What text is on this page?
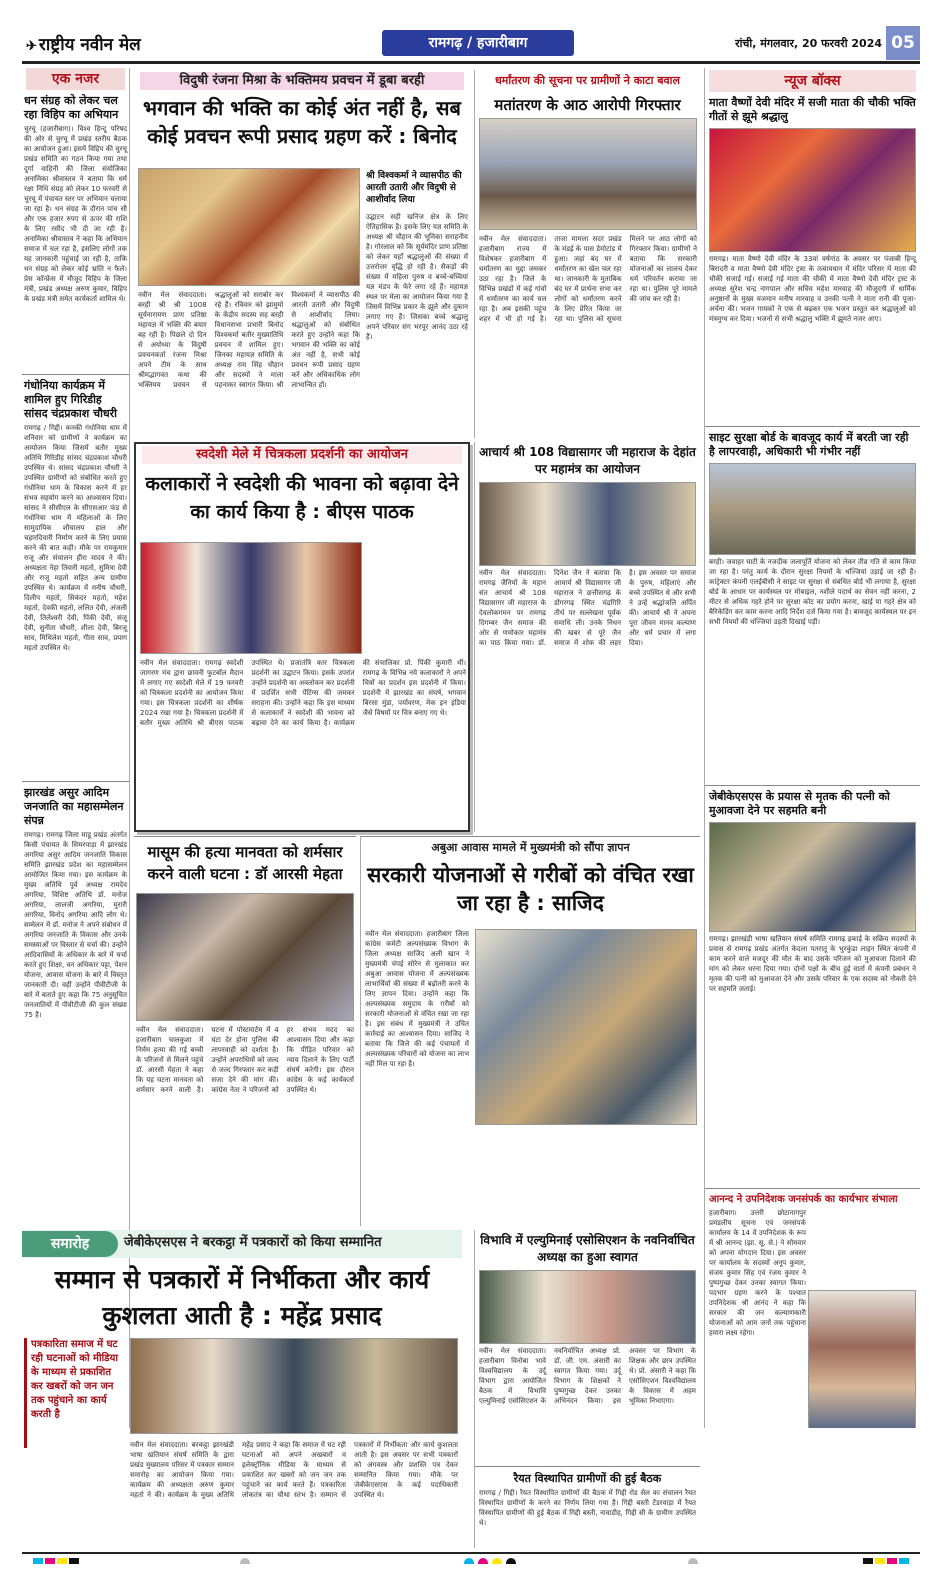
✈ राष्ट्रीय नवीन मेल	रामगढ़ / हजारीबाग	रांची, मंगलवार, 20 फरवरी 2024 05
एक नजर
धन संग्रह को लेकर चल रहा विहिप का अभियान
चुरचू (हजारीबाग)। विश्व हिन्दू परिषद की ओर से चुरचू में प्रखंड स्तरीय बैठक का आयोजन हुआ। इसमें विहिप की चुरचू प्रखंड समिति का गठन किया गया तथा दुर्गा वाहिनी की जिला संयोजिका अनामिका श्रीवास्तव ने बताया कि धर्म रक्षा निधि संग्रह को लेकर 10 फरवरी से चुरचू में पंचायत स्तर पर अभियान चलाया जा रहा है। धन संग्रह के दौरान पांच सौ और एक हजार रुपए से ऊपर की राशि के लिए रसीद भी दी जा रही है। अनामिका श्रीवास्तव ने कहा कि अभियान समाज में चल रहा है, इसलिए लोगों तक यह जानकारी पहुंचाई जा रही है, ताकि धन संग्रह को लेकर कोई भ्रांति न फैले। प्रेस कॉन्फ्रेंस में मौजूद विहिप के जिला मंत्री, प्रखंड अध्यक्ष अरुण कुमार, विहिप के प्रखंड मंत्री समेत कार्यकर्ता शामिल थे।
गंधोनिया कार्यक्रम में शामिल हुए गिरिडीह सांसद चंद्रप्रकाश चौधरी
रामगढ़ / गिद्दी। कनकी गंधोनिया धाम में शनिवार को ग्रामीणों ने कार्यक्रम का आयोजन किया जिसमें बतौर मुख्य अतिथि गिरिडीह सांसद चंद्रप्रकाश चौधरी उपस्थित थे। सांसद चंद्रप्रकाश चौधरी ने उपस्थित ग्रामीणों को संबोधित करते हुए गंधोनिया धाम के विकास करने में हर संभव सहयोग करने का आश्वासन दिया। सांसद ने सीसीएल के सीएसआर फंड से गंधोनिया धाम में महिलाओं के लिए सामुदायिक शौचालय हाल और चहारदिवारी निर्माण करने के लिए प्रयास करने की बात कही। मौके पर रामकुमार राजू और संचालन हीरा यादव ने की। अध्यक्षता नेहा तिवारी महतो, सुमित्रा देवी और राजू महतो सहित अन्य ग्रामीण उपस्थित थे। कार्यक्रम में मनीष चौधरी, दिलीप महतो, सिकंदर महतो, महेश महतो, देवकी महतो, ललित देवी, अंजली देवी, तिलेश्वरी देवी, पिंकी देवी, संजू देवी, सुनीता चौधरी, शीला देवी, बिरजू साव, मिथिलेश महतो, गीता साव, प्रयाग महतो उपस्थित थे।
झारखंड असुर आदिम जनजाति का महासम्मेलन संपन्न
रामगढ़। रामगढ़ जिला माडू प्रखंड अंतर्गत किसी पंचायत के सिमरपाड़ा में झारखंड अगरिया असुर आदिम जनजाति विकास समिति झारखंड प्रदेश का महासम्मेलन आयोजित किया गया। इस कार्यक्रम के मुख्य अतिथि पूर्व अध्यक्ष रामदेव अगरिया, विशिष्ट अतिथि डॉ. मनोज अगरिया, लालजी अगरिया, मुरारी अगरिया, विनोद अगरिया आदि लोग थे। सम्मेलन में डॉ. मनोज ने अपने संबोधन में अगरिया जनजाति के विकास और उनके समस्याओं पर विस्तार से चर्चा की। उन्होंने आदिवासियों के अधिकार के बारे में चर्चा करते हुए शिक्षा, वन अधिकार पट्टा, पेंशन योजना, आवास योजना के बारे में विस्तृत जानकारी दी। वहीं उन्होंने पीवीटीजी के बारे में बताते हुए कहा कि 75 अनुसूचित जनजातियों में पीवीटीजी की कुल संख्या 75 है।
विदुषी रंजना मिश्रा के भक्तिमय प्रवचन में डूबा बरही
भगवान की भक्ति का कोई अंत नहीं है, सब कोई प्रवचन रूपी प्रसाद ग्रहण करें : बिनोद
श्री विश्वकर्मा ने व्यासपीठ की आरती उतारी और विदुषी से आशीर्वाद लिया
नवीन मेल संवाददाता। बरही श्री श्री 1008 सूर्यनारायण प्राण प्रतिष्ठा महायज्ञ में भक्ति की बयार बह रही है। पिछले दो दिन से अयोध्या के विदुषी प्रवचनकर्ता रंजना मिश्रा अपने टीम के साथ श्रीमद्भागवत कथा की भक्तिमय प्रवचन से श्रद्धालुओं को सराबोर कर रहे हैं। रविवार को झामुमो के केंद्रीय सदस्य सह बरही विधानसभा प्रभारी बिनोद विश्वकर्मा बतौर मुख्यातिथि प्रवचन में शामिल हुए। जिनका महायज्ञ समिति के अध्यक्ष राम सिंह चौहान और सदस्यों ने माला पहनाकर स्वागत किया। श्री विश्वकर्मा ने व्यासपीठ की आरती उतारी और विदुषी से आशीर्वाद लिया। श्रद्धालुओं को संबोधित करते हुए उन्होंने कहा कि भगवान की भक्ति का कोई अंत नहीं है, सभी कोई प्रवचन रूपी प्रसाद ग्रहण करें और अधिकाधिक लोग लाभान्वित हों।
उद्घाटन सही खनिज क्षेत्र के लिए ऐतिहासिक है। इसके लिए यज्ञ समिति के अध्यक्ष श्री चौहान की भूमिका सराहनीय है। गोरलाल को कि सूर्यमंदिर प्राण प्रतिष्ठा को लेकर यहाँ श्रद्धालुओं की संख्या में उत्तरोत्तर वृद्धि हो रही है। सैकड़ों की संख्या में महिला पुरुष व बच्चे-बच्चियां यज्ञ मंडप के फेरे लगा रहे हैं। महायज्ञ स्थल पर मेला का आयोजन किया गया है जिसमें विभिन्न प्रकार के झूले और दुकान लगाए गए हैं। जिसका बच्चे श्रद्धालु अपने परिवार संग भरपूर आनंद उठा रहे हैं।
धर्मांतरण की सूचना पर ग्रामीणों ने काटा बवाल
मतांतरण के आठ आरोपी गिरफ्तार
नवीन मेल संवाददाता। हजारीबाग राज्य में विशेषकर हजारीबाग में धर्मांतरण का मुद्दा जमकर उठा रहा है। जिले के विभिन्न प्रखंडों में कई गांवों में धर्मांतरण का कार्य चल रहा है। अब इसकी पहुंच शहर में भी हो गई है। ताजा मामला सदर प्रखंड के मंडई के पास डेमोटांड में हुआ। जहां बंद घर में धर्मांतरण का खेल चल रहा था। जानकारी के मुताबिक बंद घर में प्रार्थना सभा कर लोगों को धर्मांतरण करने के लिए प्रेरित किया जा रहा था। पुलिस को सूचना मिलने पर आठ लोगों को गिरफ्तार किया। ग्रामीणों ने बताया कि सरकारी योजनाओं का लालच देकर धर्म परिवर्तन कराया जा रहा था। पुलिस पूरे मामले की जांच कर रही है।
न्यूज बॉक्स
माता वैष्णों देवी मंदिर में सजी माता की चौकी भक्ति गीतों से झूमे श्रद्धालु
रामगढ़। माता वैष्णो देवी मंदिर के 33वां वर्षगांठ के अवसर पर पंजाबी हिन्दू बिरादरी व माता वैष्णो देवी मंदिर ट्रस्ट के तत्वावधान में मंदिर परिसर में माता की चौकी सजाई गई। सजाई गई माता की चौकी में माता वैष्णो देवी मंदिर ट्रस्ट के अध्यक्ष सुरेश चन्द्र नागपाल और सचिव महेश मारवाह की मौजूदगी में धार्मिक अनुष्ठानों के मुख्य यजमान मनीष मारवाह व उनकी पत्नी ने माता रानी की पूजा-अर्चना की। भजन गायकों ने एक से बढ़कर एक भजन प्रस्तुत कर श्रद्धालुओं को मंत्रमुग्ध कर दिया। भजनों से सभी श्रद्धालु भक्ति में झूमते नजर आए।
साइट सुरक्षा बोर्ड के बावजूद कार्य में बरती जा रही है लापरवाही, अधिकारी भी गंभीर नहीं
बरही। जवाहर घाटी के नजदीक जलापूर्ति योजना को लेकर तीव्र गति से काम किया जा रहा है। परंतु कार्य के दौरान सुरक्षा नियमों के धज्जियां उड़ाई जा रही हैं। कांट्रेक्टर कंपनी एलईबीसी ने साइट पर सुरक्षा से संबंधित बोर्ड भी लगाया है, सुरक्षा बोर्ड के आधार पर कार्यस्थल पर मोबाइल, नशीले पदार्थ का सेवन नहीं करना, 2 मीटर से अधिक गहरे होने पर सुरक्षा कोट का प्रयोग करना, खाई या गहरे क्षेत्र को बैरिकेडिंग कर काम करना आदि निर्देश दर्ज किया गया है। बावजूद कार्यस्थल पर इन सभी नियमों की धज्जियां उड़ती दिखाई पड़ीं।
जेबीकेएसएस के प्रयास से मृतक की पत्नी को मुआवजा देने पर सहमति बनी
रामगढ़। झारखंडी भाषा खतियान संघर्ष समिति रामगढ़ इकाई के सक्रिय सदस्यों के प्रयास से रामगढ़ प्रखंड अंतर्गत केदला पतरातू के भुरकुंडा लाइन स्थित कंपनी में काम करने वाले मजदूर की मौत के बाद उसके परिजन को मुआवजा दिलाने की मांग को लेकर धरना दिया गया। दोनों पक्षों के बीच हुई वार्ता में कंपनी प्रबंधन ने मृतक की पत्नी को मुआवजा देने और उसके परिवार के एक सदस्य को नौकरी देने पर सहमति जताई।
आनन्द ने उपनिदेशक जनसंपर्क का कार्यभार संभाला
हजारीबाग। उत्तरी छोटानागपुर प्रमंडलीय सूचना एवं जनसंपर्क कार्यालय के 14 वें उपनिदेशक के रूप में श्री आनन्द (झा. सू. से.) ने सोमवार को अपना योगदान दिया। इस अवसर पर कार्यालय के सदस्यों अनूप कुमार, संजय कुमार सिंह एवं रंजय कुमार ने पुष्पगुच्छ देकर उनका स्वागत किया। पदभार ग्रहण करने के पश्चात उपनिदेशक श्री आनंद ने कहा कि सरकार की जन कल्याणकारी योजनाओं को आम जनों तक पहुंचाना हमारा लक्ष्य रहेगा।
स्वदेशी मेले में चित्रकला प्रदर्शनी का आयोजन
कलाकारों ने स्वदेशी की भावना को बढ़ावा देने का कार्य किया है : बीएस पाठक
नवीन मेल संवाददाता। रामगढ़ स्वदेशी जागरण मंच द्वारा छावनी फुटबॉल मैदान में लगाए गए स्वदेशी मेले में 19 फरवरी को चित्रकला प्रदर्शनी का आयोजन किया गया। इस चित्रकला प्रदर्शनी का शीर्षक 2024 रखा गया है। चित्रकला प्रदर्शनी में बतौर मुख्य अतिथि श्री बीएस पाठक उपस्थित थे। प्रजातंत्रि कार चित्रकला प्रदर्शनी का उद्घाटन किया। इसके उपरांत उन्होंने प्रदर्शनी का अवलोकन कर प्रदर्शनी में प्रदर्शित सभी पेंटिंग्स की जमकर सराहना की। उन्होंने कहा कि इस माध्यम से कलाकारों ने स्वदेशी की भावना को बढ़ावा देने का कार्य किया है। कार्यक्रम की संचालिका प्रो. पिंकी कुमारी थीं। रामगढ़ के विभिन्न नये कलाकारों ने अपने चित्रों का प्रदर्शन इस प्रदर्शनी में किया। प्रदर्शनी में झारखंड का संघर्ष, भगवान बिरसा मुंडा, पर्यावरण, मेक इन इंडिया जैसे विषयों पर चित्र बनाए गए थे।
आचार्य श्री 108 विद्यासागर जी महाराज के देहांत पर महामंत्र का आयोजन
नवीन मेल संवाददाता। रामगढ़ जैनियों के महान संत आचार्य श्री 108 विद्यासागर जी महाराज के देवलोकगमन पर रामगढ़ दिगम्बर जैन समाज की ओर से णमोकार महामंत्र का पाठ किया गया। डॉ. दिनेश जैन ने बताया कि आचार्य श्री विद्यासागर जी महाराज ने छत्तीसगढ़ के डोंगरगढ़ स्थित चंद्रगिरि तीर्थ पर सल्लेखना पूर्वक समाधि ली। उनके निधन की खबर से पूरे जैन समाज में शोक की लहर है। इस अवसर पर समाज के पुरुष, महिलाएं और बच्चे उपस्थित थे और सभी ने उन्हें श्रद्धांजलि अर्पित की। आचार्य श्री ने अपना पूरा जीवन मानव कल्याण और धर्म प्रचार में लगा दिया।
मासूम की हत्या मानवता को शर्मसार करने वाली घटना : डॉ आरसी मेहता
नवीन मेल संवाददाता। हजारीबाग चालकुशा में निर्मम हत्या की गई बच्ची के परिजनों से मिलने पहुंचे डॉ. आरसी मेहता ने कहा कि यह घटना मानवता को शर्मसार करने वाली है। घटना में पोस्टमार्टम में 4 घंटा देर होना पुलिस की लापरवाही को दर्शाता है। उन्होंने अपराधियों को जल्द से जल्द गिरफ्तार कर कड़ी सजा देने की मांग की। कांग्रेस नेता ने परिजनों को हर संभव मदद का आश्वासन दिया और कहा कि पीड़ित परिवार को न्याय दिलाने के लिए पार्टी संघर्ष करेगी। इस दौरान कांग्रेस के कई कार्यकर्ता उपस्थित थे।
अबुआ आवास मामले में मुख्यमंत्री को सौंपा ज्ञापन
सरकारी योजनाओं से गरीबों को वंचित रखा जा रहा है : साजिद
नवीन मेल संवाददाता। हजारीबाग जिला कांग्रेस कमेटी अल्पसंख्यक विभाग के जिला अध्यक्ष साजिद अली खान ने मुख्यमंत्री चंपई सोरेन से मुलाकात कर अबुआ आवास योजना में अल्पसंख्यक लाभार्थियों की संख्या में बढ़ोतरी करने के लिए ज्ञापन दिया। उन्होंने कहा कि अल्पसंख्यक समुदाय के गरीबों को सरकारी योजनाओं से वंचित रखा जा रहा है। इस संबंध में मुख्यमंत्री ने उचित कार्रवाई का आश्वासन दिया। साजिद ने बताया कि जिले की कई पंचायतों में अल्पसंख्यक परिवारों को योजना का लाभ नहीं मिल पा रहा है।
समारोह	जेबीकेएसएस ने बरकट्ठा में पत्रकारों को किया सम्मानित
सम्मान से पत्रकारों में निर्भीकता और कार्य कुशलता आती है : महेंद्र प्रसाद
पत्रकारिता समाज में घट रही घटनाओं को मीडिया के माध्यम से प्रकाशित कर खबरों को जन जन तक पहुंचाने का कार्य करती है
नवीन मेल संवाददाता। बरकट्ठा झारखंडी भाषा खतियान संघर्ष समिति के द्वारा प्रखंड मुख्यालय परिसर में पत्रकार सम्मान समारोह का आयोजन किया गया। कार्यक्रम की अध्यक्षता अरुण कुमार महतो ने की। कार्यक्रम के मुख्य अतिथि महेंद्र प्रसाद ने कहा कि समाज में घट रही घटनाओं को अपने अखबारों व इलेक्ट्रॉनिक मीडिया के माध्यम से प्रकाशित कर खबरों को जन जन तक पहुंचाने का कार्य करते हैं। पत्रकारिता लोकतंत्र का चौथा स्तंभ है। सम्मान से पत्रकारों में निर्भीकता और कार्य कुशलता आती है। इस अवसर पर सभी पत्रकारों को अंगवस्त्र और प्रशस्ति पत्र देकर सम्मानित किया गया। मौके पर जेबीकेएसएस के कई पदाधिकारी उपस्थित थे।
विभावि में एल्युमिनाई एसोसिएशन के नवनिर्वाचित अध्यक्ष का हुआ स्वागत
नवीन मेल संवाददाता। हजारीबाग विनोबा भावे विश्वविद्यालय के उर्दू विभाग द्वारा आयोजित बैठक में विभावि एल्युमिनाई एसोसिएशन के नवनिर्वाचित अध्यक्ष प्रो. डॉ. जी. एम. अंसारी का स्वागत किया गया। उर्दू विभाग के शिक्षकों ने पुष्पगुच्छ देकर उनका अभिनंदन किया। इस अवसर पर विभाग के शिक्षक और छात्र उपस्थित थे। प्रो. अंसारी ने कहा कि एसोसिएशन विश्वविद्यालय के विकास में अहम भूमिका निभाएगा।
रैयत विस्थापित ग्रामीणों की हुई बैठक
रामगढ़ / गिद्दी। रैयत विस्थापित ग्रामीणों की बैठक में गिद्दी रोड सेल का संचालन रैयत विस्थापित ग्रामीणों के करने का निर्णय लिया गया है। गिद्दी बस्ती टेंडरवाड़ा में रैयत विस्थापित ग्रामीणों की हुई बैठक में गिद्दी बस्ती, नावाडीह, गिद्दी सी के ग्रामीण उपस्थित थे।
